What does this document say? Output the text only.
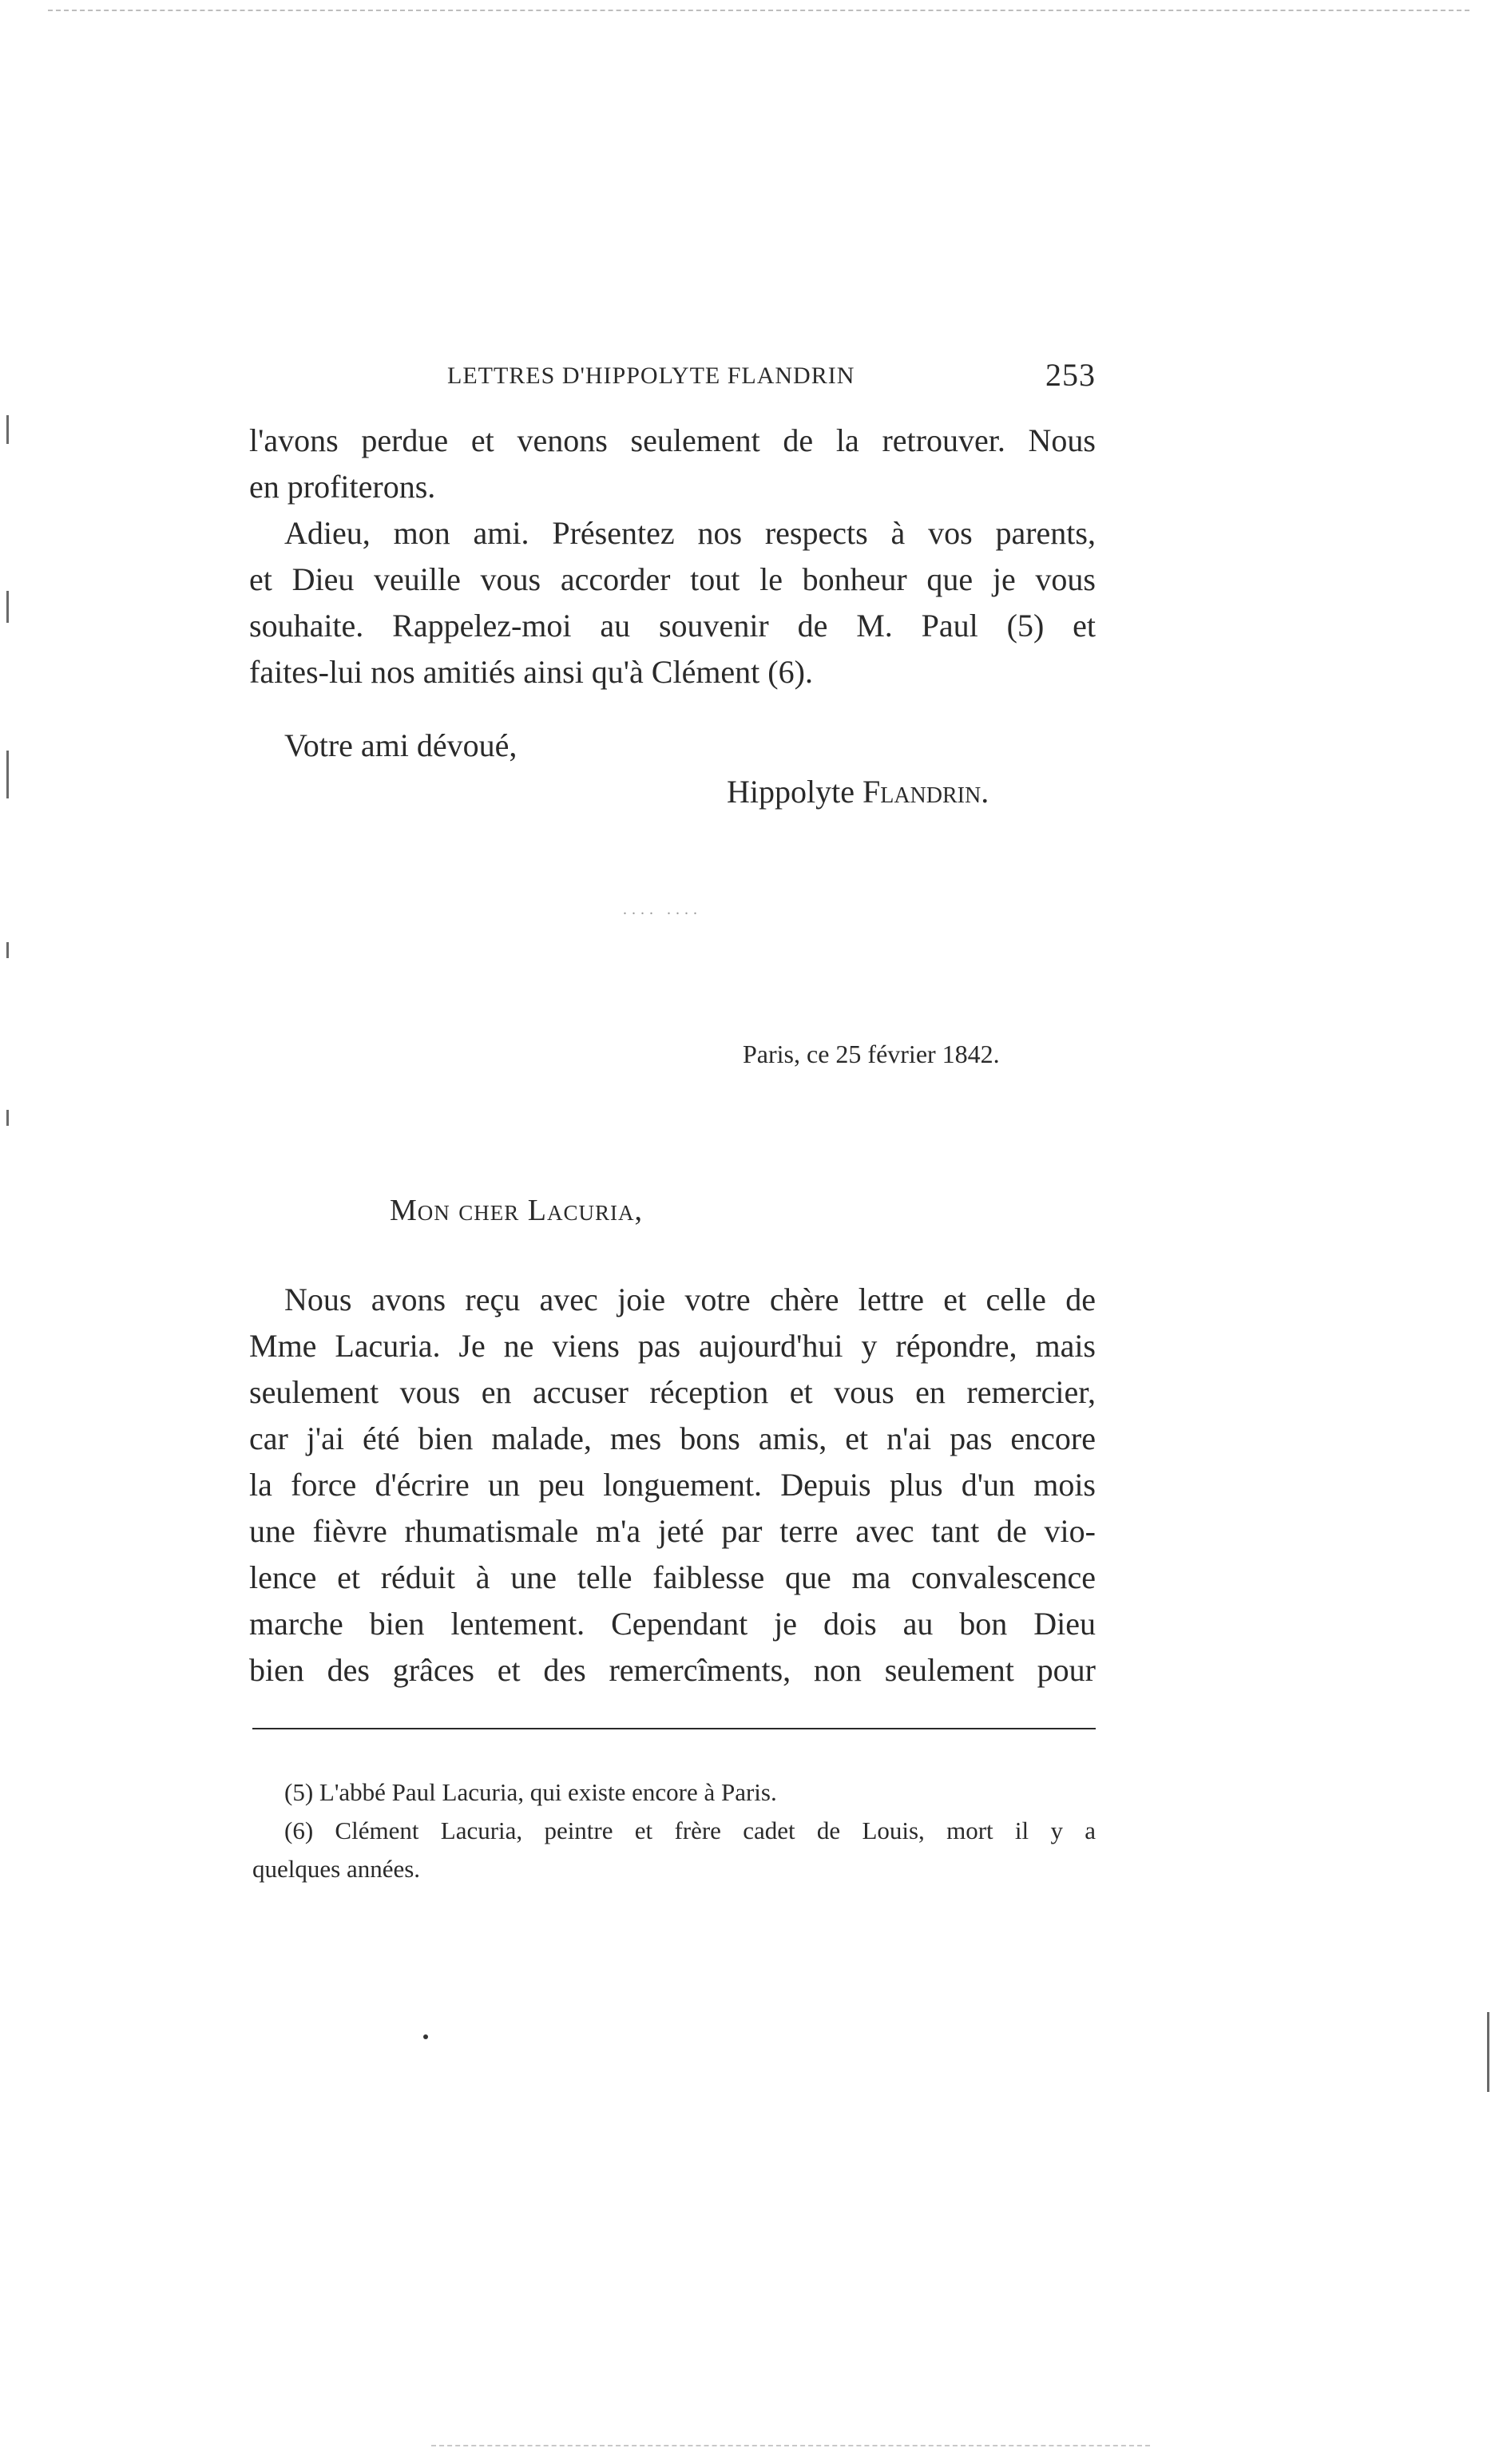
LETTRES D'HIPPOLYTE FLANDRIN	253
l'avons perdue et venons seulement de la retrouver. Nous
en profiterons.
Adieu, mon ami. Présentez nos respects à vos parents,
et Dieu veuille vous accorder tout le bonheur que je vous
souhaite. Rappelez-moi au souvenir de M. Paul (5) et
faites-lui nos amitiés ainsi qu'à Clément (6).
Votre ami dévoué,
Hippolyte Flandrin.
.... ....
Paris, ce 25 février 1842.
Mon cher Lacuria,
Nous avons reçu avec joie votre chère lettre et celle de
Mme Lacuria. Je ne viens pas aujourd'hui y répondre, mais
seulement vous en accuser réception et vous en remercier,
car j'ai été bien malade, mes bons amis, et n'ai pas encore
la force d'écrire un peu longuement. Depuis plus d'un mois
une fièvre rhumatismale m'a jeté par terre avec tant de vio-
lence et réduit à une telle faiblesse que ma convalescence
marche bien lentement. Cependant je dois au bon Dieu
bien des grâces et des remercîments, non seulement pour
(5) L'abbé Paul Lacuria, qui existe encore à Paris.
(6) Clément Lacuria, peintre et frère cadet de Louis, mort il y a
quelques années.
